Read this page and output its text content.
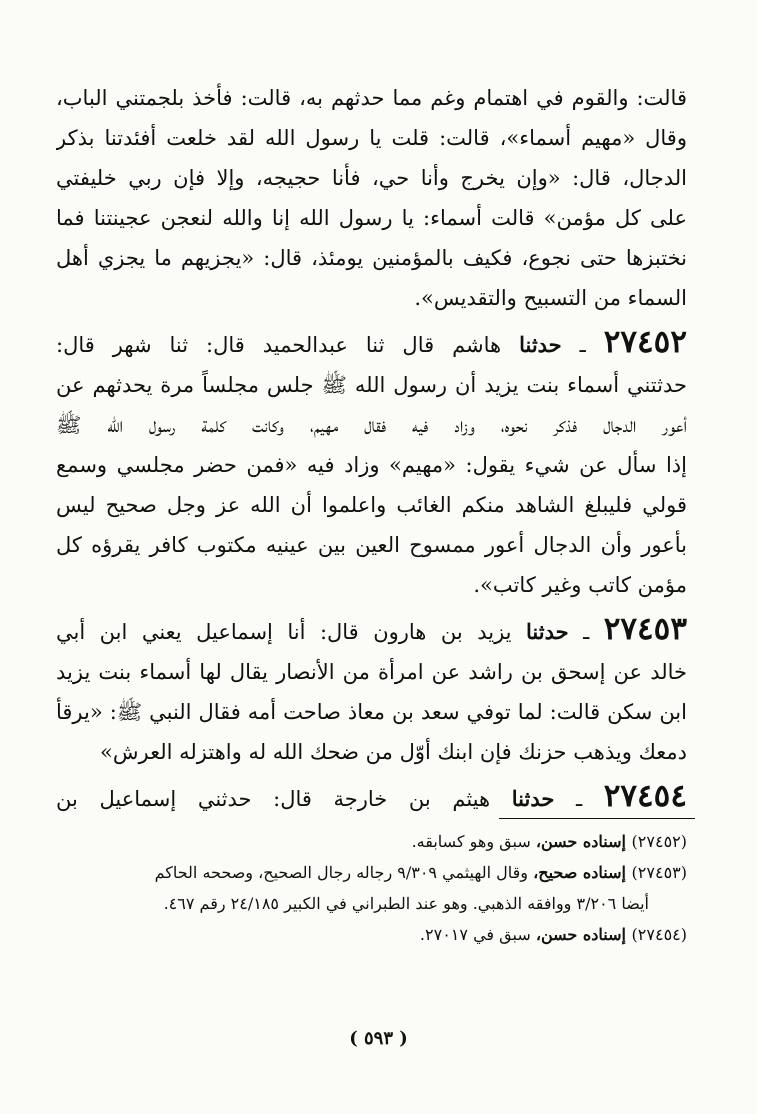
قالت: والقوم في اهتمام وغم مما حدثهم به، قالت: فأخذ بلجمتني الباب،
وقال «مهيم أسماء»، قالت: قلت يا رسول الله لقد خلعت أفئدتنا بذكر
الدجال، قال: «وإن يخرج وأنا حي، فأنا حجيجه، وإلا فإن ربي خليفتي
على كل مؤمن» قالت أسماء: يا رسول الله إنا والله لنعجن عجينتنا فما
نختبزها حتى نجوع، فكيف بالمؤمنين يومئذ، قال: «يجزيهم ما يجزي أهل
السماء من التسبيح والتقديس».
٢٧٤٥٢ ـ حدثنا هاشم قال ثنا عبدالحميد قال: ثنا شهر قال:
حدثتني أسماء بنت يزيد أن رسول الله ﷺ جلس مجلساً مرة يحدثهم عن
أعور الدجال فذكر نحوه، وزاد فيه فقال مهيم، وكانت كلمة رسول الله ﷺ
إذا سأل عن شيء يقول: «مهيم» وزاد فيه «فمن حضر مجلسي وسمع
قولي فليبلغ الشاهد منكم الغائب واعلموا أن الله عز وجل صحيح ليس
بأعور وأن الدجال أعور ممسوح العين بين عينيه مكتوب كافر يقرؤه كل
مؤمن كاتب وغير كاتب».
٢٧٤٥٣ ـ حدثنا يزيد بن هارون قال: أنا إسماعيل يعني ابن أبي
خالد عن إسحق بن راشد عن امرأة من الأنصار يقال لها أسماء بنت يزيد
ابن سكن قالت: لما توفي سعد بن معاذ صاحت أمه فقال النبي ﷺ: «يرقأ
دمعك ويذهب حزنك فإن ابنك أوّل من ضحك الله له واهتزله العرش»
٢٧٤٥٤ ـ حدثنا هيثم بن خارجة قال: حدثني إسماعيل بن
(٢٧٤٥٢) إسناده حسن، سبق وهو كسابقه.
(٢٧٤٥٣) إسناده صحيح، وقال الهيثمي ٩/٣٠٩ رجاله رجال الصحيح، وصححه الحاكم
أيضا ٣/٢٠٦ ووافقه الذهبي. وهو عند الطبراني في الكبير ٢٤/١٨٥ رقم ٤٦٧.
(٢٧٤٥٤) إسناده حسن، سبق في ٢٧٠١٧.
( ٥٩٣ )
